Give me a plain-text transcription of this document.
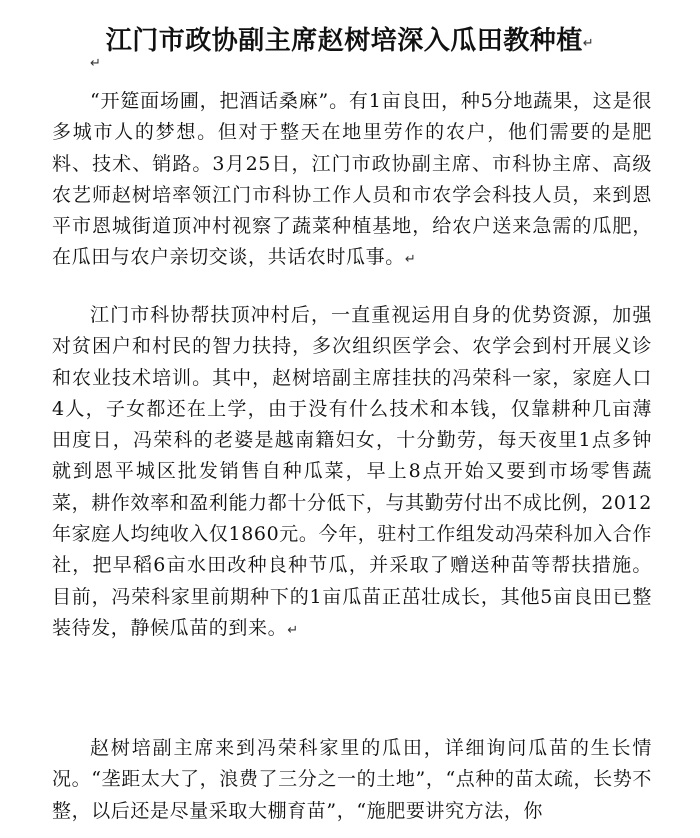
江门市政协副主席赵树培深入瓜田教种植↵
↵

“开筵面场圃，把酒话桑麻”。有1亩良田，种5分地蔬果，这是很多城市人的梦想。但对于整天在地里劳作的农户，他们需要的是肥料、技术、销路。3月25日，江门市政协副主席、市科协主席、高级农艺师赵树培率领江门市科协工作人员和市农学会科技人员，来到恩平市恩城街道顶冲村视察了蔬菜种植基地，给农户送来急需的瓜肥，在瓜田与农户亲切交谈，共话农时瓜事。↵

江门市科协帮扶顶冲村后，一直重视运用自身的优势资源，加强对贫困户和村民的智力扶持，多次组织医学会、农学会到村开展义诊和农业技术培训。其中，赵树培副主席挂扶的冯荣科一家，家庭人口4人，子女都还在上学，由于没有什么技术和本钱，仅靠耕种几亩薄田度日，冯荣科的老婆是越南籍妇女，十分勤劳，每天夜里1点多钟就到恩平城区批发销售自种瓜菜，早上8点开始又要到市场零售蔬菜，耕作效率和盈利能力都十分低下，与其勤劳付出不成比例，2012年家庭人均纯收入仅1860元。今年，驻村工作组发动冯荣科加入合作社，把早稻6亩水田改种良种节瓜，并采取了赠送种苗等帮扶措施。目前，冯荣科家里前期种下的1亩瓜苗正茁壮成长，其他5亩良田已整装待发，静候瓜苗的到来。↵

赵树培副主席来到冯荣科家里的瓜田，详细询问瓜苗的生长情况。“垄距太大了，浪费了三分之一的土地”，“点种的苗太疏，长势不整，以后还是尽量采取大棚育苗”，“施肥要讲究方法，你
